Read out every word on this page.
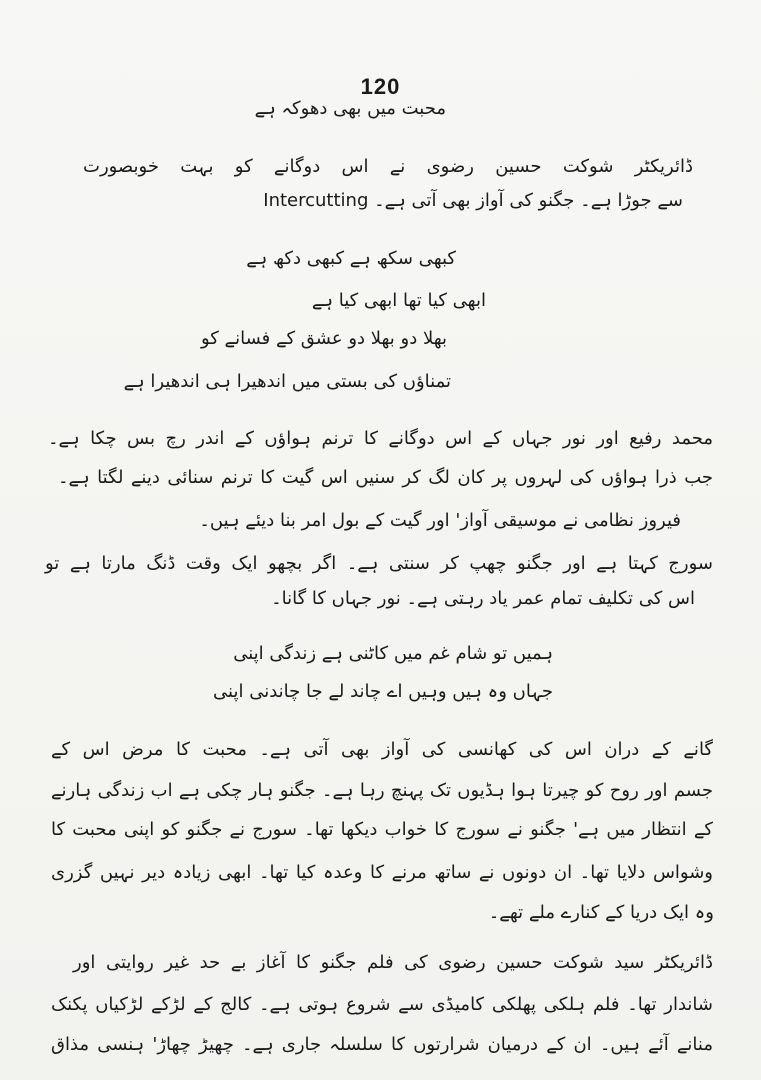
120
محبت میں بھی دھوکہ ہے
ڈائریکٹر شوکت حسین رضوی نے اس دوگانے کو بہت خوبصورت
Intercutting سے جوڑا ہے۔ جگنو کی آواز بھی آتی ہے۔
کبھی سکھ ہے کبھی دکھ ہے
ابھی کیا تھا ابھی کیا ہے
بھلا دو بھلا دو عشق کے فسانے کو
تمناؤں کی بستی میں اندھیرا ہی اندھیرا ہے
محمد رفیع اور نور جہاں کے اس دوگانے کا ترنم ہواؤں کے اندر رچ بس چکا ہے۔
جب ذرا ہواؤں کی لہروں پر کان لگ کر سنیں اس گیت کا ترنم سنائی دینے لگتا ہے۔
فیروز نظامی نے موسیقی آواز' اور گیت کے بول امر بنا دیئے ہیں۔
سورج کہتا ہے اور جگنو چھپ کر سنتی ہے۔ اگر بچھو ایک وقت ڈنگ مارتا ہے تو
اس کی تکلیف تمام عمر یاد رہتی ہے۔ نور جہاں کا گانا۔
ہمیں تو شام غم میں کاٹنی ہے زندگی اپنی
جہاں وہ ہیں وہیں اے چاند لے جا چاندنی اپنی
گانے کے دران اس کی کھانسی کی آواز بھی آتی ہے۔ محبت کا مرض اس کے
جسم اور روح کو چیرتا ہوا ہڈیوں تک پہنچ رہا ہے۔ جگنو ہار چکی ہے اب زندگی ہارنے
کے انتظار میں ہے' جگنو نے سورج کا خواب دیکھا تھا۔ سورج نے جگنو کو اپنی محبت کا
وشواس دلایا تھا۔ ان دونوں نے ساتھ مرنے کا وعدہ کیا تھا۔ ابھی زیادہ دیر نہیں گزری
وہ ایک دریا کے کنارے ملے تھے۔
ڈائریکٹر سید شوکت حسین رضوی کی فلم جگنو کا آغاز بے حد غیر روایتی اور
شاندار تھا۔ فلم ہلکی پھلکی کامیڈی سے شروع ہوتی ہے۔ کالج کے لڑکے لڑکیاں پکنک
منانے آئے ہیں۔ ان کے درمیان شرارتوں کا سلسلہ جاری ہے۔ چھیڑ چھاڑ' ہنسی مذاق
